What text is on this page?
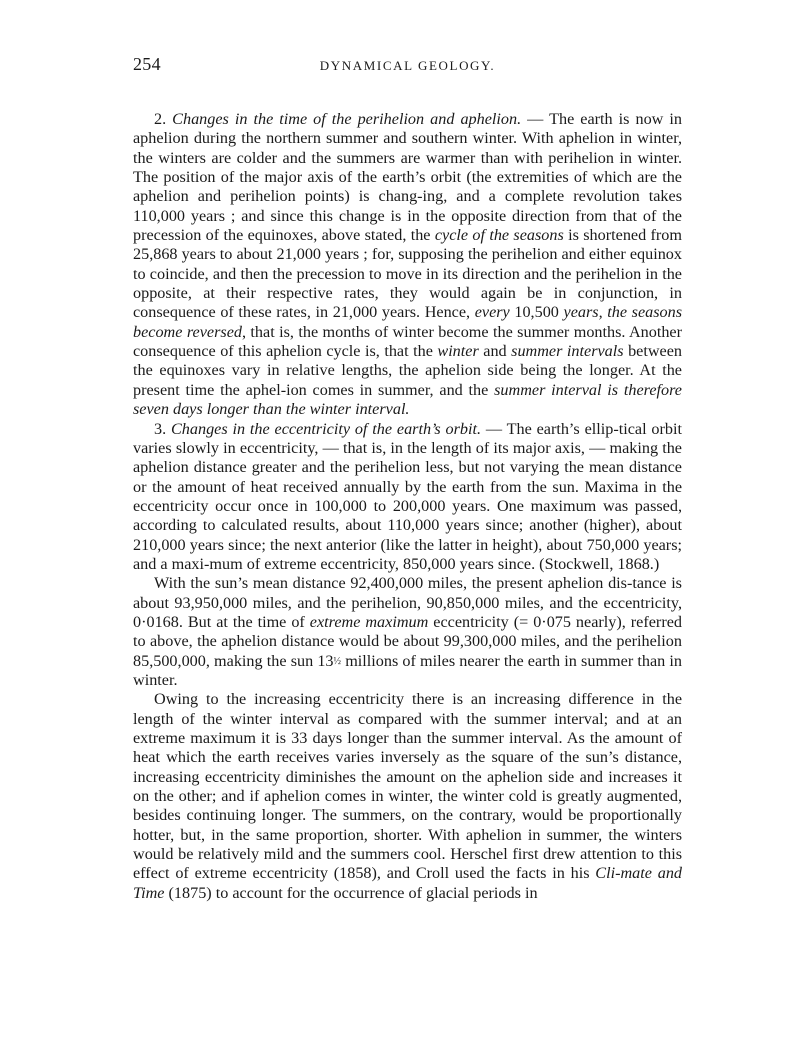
254	DYNAMICAL GEOLOGY.

2. Changes in the time of the perihelion and aphelion. — The earth is now in aphelion during the northern summer and southern winter. With aphelion in winter, the winters are colder and the summers are warmer than with perihelion in winter. The position of the major axis of the earth’s orbit (the extremities of which are the aphelion and perihelion points) is chang-ing, and a complete revolution takes 110,000 years ; and since this change is in the opposite direction from that of the precession of the equinoxes, above stated, the cycle of the seasons is shortened from 25,868 years to about 21,000 years ; for, supposing the perihelion and either equinox to coincide, and then the precession to move in its direction and the perihelion in the opposite, at their respective rates, they would again be in conjunction, in consequence of these rates, in 21,000 years. Hence, every 10,500 years, the seasons become reversed, that is, the months of winter become the summer months. Another consequence of this aphelion cycle is, that the winter and summer intervals between the equinoxes vary in relative lengths, the aphelion side being the longer. At the present time the aphel-ion comes in summer, and the summer interval is therefore seven days longer than the winter interval.

3. Changes in the eccentricity of the earth’s orbit. — The earth’s ellip-tical orbit varies slowly in eccentricity, — that is, in the length of its major axis, — making the aphelion distance greater and the perihelion less, but not varying the mean distance or the amount of heat received annually by the earth from the sun. Maxima in the eccentricity occur once in 100,000 to 200,000 years. One maximum was passed, according to calculated results, about 110,000 years since; another (higher), about 210,000 years since; the next anterior (like the latter in height), about 750,000 years; and a maxi-mum of extreme eccentricity, 850,000 years since. (Stockwell, 1868.)

With the sun’s mean distance 92,400,000 miles, the present aphelion dis-tance is about 93,950,000 miles, and the perihelion, 90,850,000 miles, and the eccentricity, 0·0168. But at the time of extreme maximum eccentricity (= 0·075 nearly), referred to above, the aphelion distance would be about 99,300,000 miles, and the perihelion 85,500,000, making the sun 13½ millions of miles nearer the earth in summer than in winter.

Owing to the increasing eccentricity there is an increasing difference in the length of the winter interval as compared with the summer interval; and at an extreme maximum it is 33 days longer than the summer interval. As the amount of heat which the earth receives varies inversely as the square of the sun’s distance, increasing eccentricity diminishes the amount on the aphelion side and increases it on the other; and if aphelion comes in winter, the winter cold is greatly augmented, besides continuing longer. The summers, on the contrary, would be proportionally hotter, but, in the same proportion, shorter. With aphelion in summer, the winters would be relatively mild and the summers cool. Herschel first drew attention to this effect of extreme eccentricity (1858), and Croll used the facts in his Cli-mate and Time (1875) to account for the occurrence of glacial periods in
